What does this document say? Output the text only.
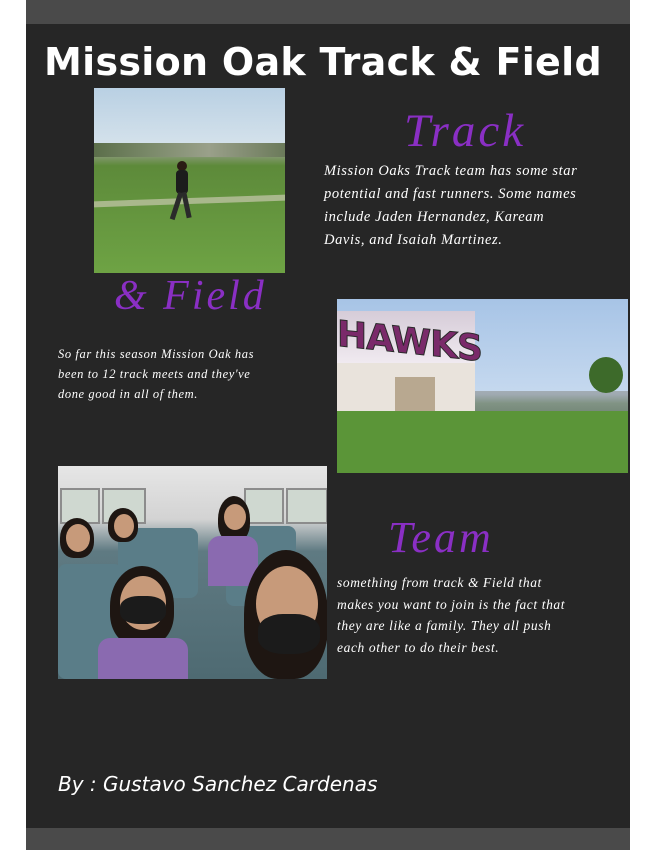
Mission Oak Track & Field
Track
Mission Oaks Track team has some star
potential and fast runners. Some names
include Jaden Hernandez, Kaream
Davis, and Isaiah Martinez.
& Field
So far this season Mission Oak has
been to 12 track meets and they've
done good in all of them.
HAWKS
Team
something from track & Field that
makes you want to join is the fact that
they are like a family. They all push
each other to do their best.
By : Gustavo Sanchez Cardenas
